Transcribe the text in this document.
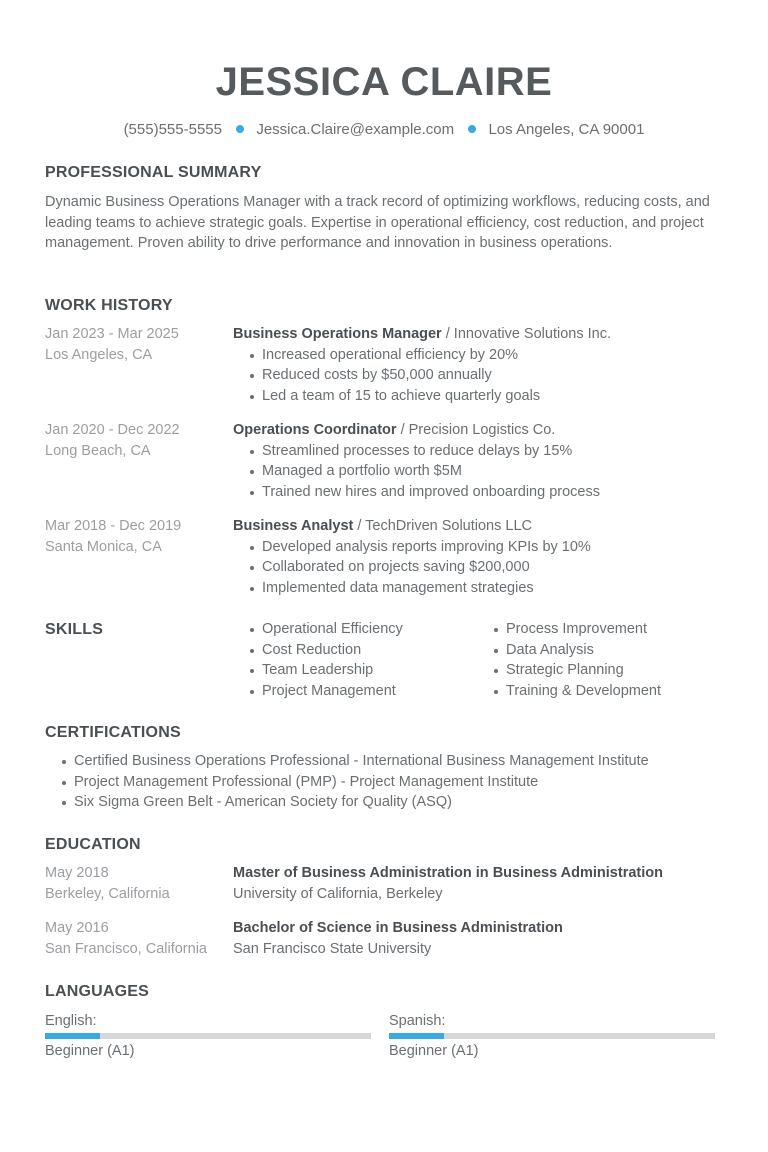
JESSICA CLAIRE
(555)555-5555 Jessica.Claire@example.com Los Angeles, CA 90001
PROFESSIONAL SUMMARY
Dynamic Business Operations Manager with a track record of optimizing workflows, reducing costs, and leading teams to achieve strategic goals. Expertise in operational efficiency, cost reduction, and project management. Proven ability to drive performance and innovation in business operations.
WORK HISTORY
Jan 2023 - Mar 2025
Los Angeles, CA
Business Operations Manager / Innovative Solutions Inc.
Increased operational efficiency by 20%
Reduced costs by $50,000 annually
Led a team of 15 to achieve quarterly goals
Jan 2020 - Dec 2022
Long Beach, CA
Operations Coordinator / Precision Logistics Co.
Streamlined processes to reduce delays by 15%
Managed a portfolio worth $5M
Trained new hires and improved onboarding process
Mar 2018 - Dec 2019
Santa Monica, CA
Business Analyst / TechDriven Solutions LLC
Developed analysis reports improving KPIs by 10%
Collaborated on projects saving $200,000
Implemented data management strategies
SKILLS	Operational Efficiency
Cost Reduction
Team Leadership
Project Management
Process Improvement
Data Analysis
Strategic Planning
Training & Development
CERTIFICATIONS
Certified Business Operations Professional - International Business Management Institute
Project Management Professional (PMP) - Project Management Institute
Six Sigma Green Belt - American Society for Quality (ASQ)
EDUCATION
May 2018
Berkeley, California
Master of Business Administration in Business Administration
University of California, Berkeley
May 2016
San Francisco, California
Bachelor of Science in Business Administration
San Francisco State University
LANGUAGES
English:
Beginner (A1)
Spanish:
Beginner (A1)
